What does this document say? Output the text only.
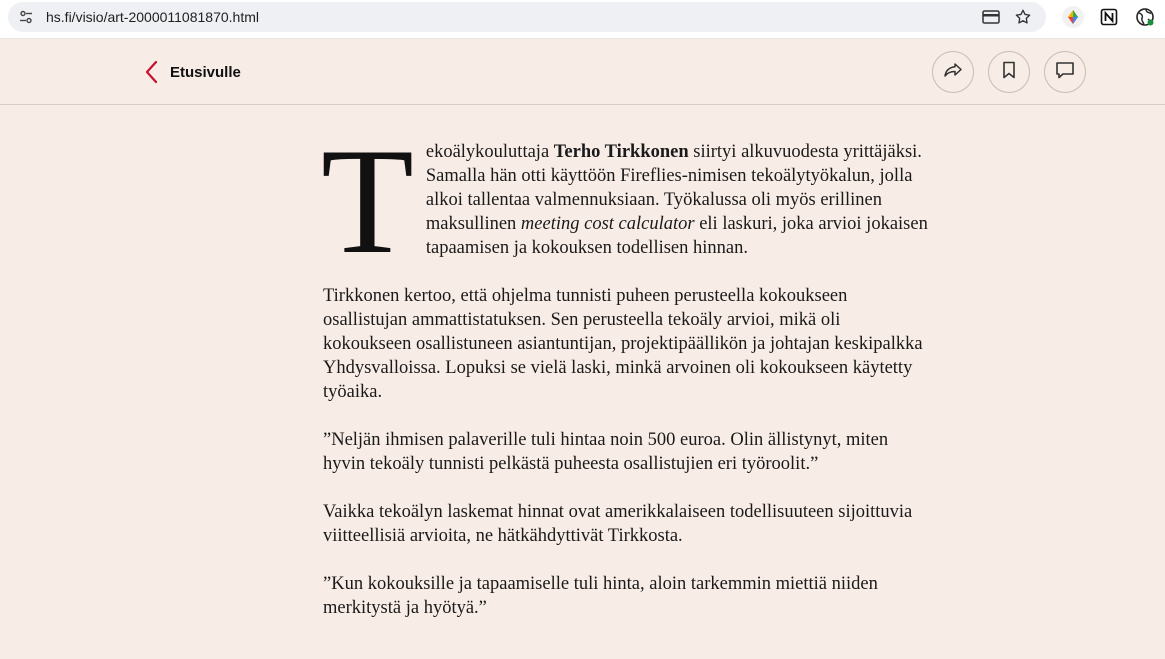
hs.fi/visio/art-2000011081870.html
Etusivulle

Tekoälykouluttaja Terho Tirkkonen siirtyi alkuvuodesta yrittäjäksi. Samalla hän otti käyttöön Fireflies-nimisen tekoälytyökalun, jolla alkoi tallentaa valmennuksiaan. Työkalussa oli myös erillinen maksullinen meeting cost calculator eli laskuri, joka arvioi jokaisen tapaamisen ja kokouksen todellisen hinnan.

Tirkkonen kertoo, että ohjelma tunnisti puheen perusteella kokoukseen osallistujan ammattistatuksen. Sen perusteella tekoäly arvioi, mikä oli kokoukseen osallistuneen asiantuntijan, projektipäällikön ja johtajan keskipalkka Yhdysvalloissa. Lopuksi se vielä laski, minkä arvoinen oli kokoukseen käytetty työaika.

”Neljän ihmisen palaverille tuli hintaa noin 500 euroa. Olin ällistynyt, miten hyvin tekoäly tunnisti pelkästä puheesta osallistujien eri työroolit.”

Vaikka tekoälyn laskemat hinnat ovat amerikkalaiseen todellisuuteen sijoittuvia viitteellisiä arvioita, ne hätkähdyttivät Tirkkosta.

”Kun kokouksille ja tapaamiselle tuli hinta, aloin tarkemmin miettiä niiden merkitystä ja hyötyä.”
